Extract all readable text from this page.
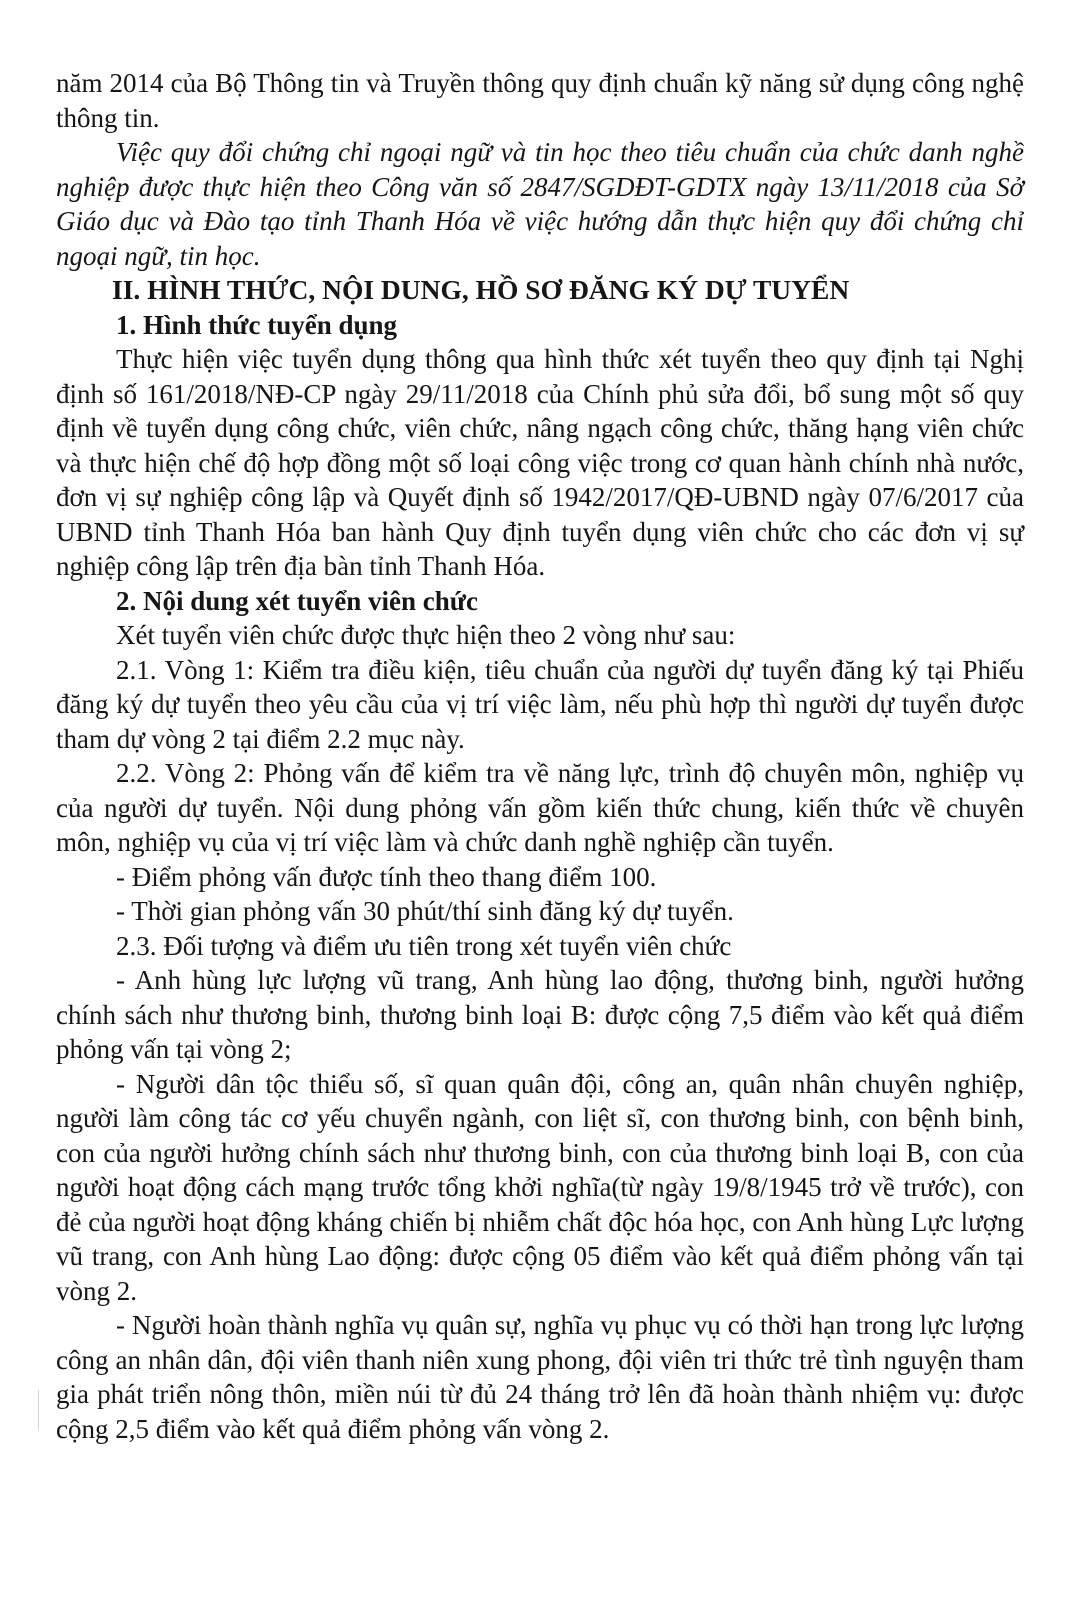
năm 2014 của Bộ Thông tin và Truyền thông quy định chuẩn kỹ năng sử dụng công nghệ thông tin.

Việc quy đổi chứng chỉ ngoại ngữ và tin học theo tiêu chuẩn của chức danh nghề nghiệp được thực hiện theo Công văn số 2847/SGDĐT-GDTX ngày 13/11/2018 của Sở Giáo dục và Đào tạo tỉnh Thanh Hóa về việc hướng dẫn thực hiện quy đổi chứng chỉ ngoại ngữ, tin học.

II. HÌNH THỨC, NỘI DUNG, HỒ SƠ ĐĂNG KÝ DỰ TUYỂN

1. Hình thức tuyển dụng

Thực hiện việc tuyển dụng thông qua hình thức xét tuyển theo quy định tại Nghị định số 161/2018/NĐ-CP ngày 29/11/2018 của Chính phủ sửa đổi, bổ sung một số quy định về tuyển dụng công chức, viên chức, nâng ngạch công chức, thăng hạng viên chức và thực hiện chế độ hợp đồng một số loại công việc trong cơ quan hành chính nhà nước, đơn vị sự nghiệp công lập và Quyết định số 1942/2017/QĐ-UBND ngày 07/6/2017 của UBND tỉnh Thanh Hóa ban hành Quy định tuyển dụng viên chức cho các đơn vị sự nghiệp công lập trên địa bàn tỉnh Thanh Hóa.

2. Nội dung xét tuyển viên chức

Xét tuyển viên chức được thực hiện theo 2 vòng như sau:

2.1. Vòng 1: Kiểm tra điều kiện, tiêu chuẩn của người dự tuyển đăng ký tại Phiếu đăng ký dự tuyển theo yêu cầu của vị trí việc làm, nếu phù hợp thì người dự tuyển được tham dự vòng 2 tại điểm 2.2 mục này.

2.2. Vòng 2: Phỏng vấn để kiểm tra về năng lực, trình độ chuyên môn, nghiệp vụ của người dự tuyển. Nội dung phỏng vấn gồm kiến thức chung, kiến thức về chuyên môn, nghiệp vụ của vị trí việc làm và chức danh nghề nghiệp cần tuyển.

- Điểm phỏng vấn được tính theo thang điểm 100.

- Thời gian phỏng vấn 30 phút/thí sinh đăng ký dự tuyển.

2.3. Đối tượng và điểm ưu tiên trong xét tuyển viên chức

- Anh hùng lực lượng vũ trang, Anh hùng lao động, thương binh, người hưởng chính sách như thương binh, thương binh loại B: được cộng 7,5 điểm vào kết quả điểm phỏng vấn tại vòng 2;

- Người dân tộc thiểu số, sĩ quan quân đội, công an, quân nhân chuyên nghiệp, người làm công tác cơ yếu chuyển ngành, con liệt sĩ, con thương binh, con bệnh binh, con của người hưởng chính sách như thương binh, con của thương binh loại B, con của người hoạt động cách mạng trước tổng khởi nghĩa(từ ngày 19/8/1945 trở về trước), con đẻ của người hoạt động kháng chiến bị nhiễm chất độc hóa học, con Anh hùng Lực lượng vũ trang, con Anh hùng Lao động: được cộng 05 điểm vào kết quả điểm phỏng vấn tại vòng 2.

- Người hoàn thành nghĩa vụ quân sự, nghĩa vụ phục vụ có thời hạn trong lực lượng công an nhân dân, đội viên thanh niên xung phong, đội viên tri thức trẻ tình nguyện tham gia phát triển nông thôn, miền núi từ đủ 24 tháng trở lên đã hoàn thành nhiệm vụ: được cộng 2,5 điểm vào kết quả điểm phỏng vấn vòng 2.
